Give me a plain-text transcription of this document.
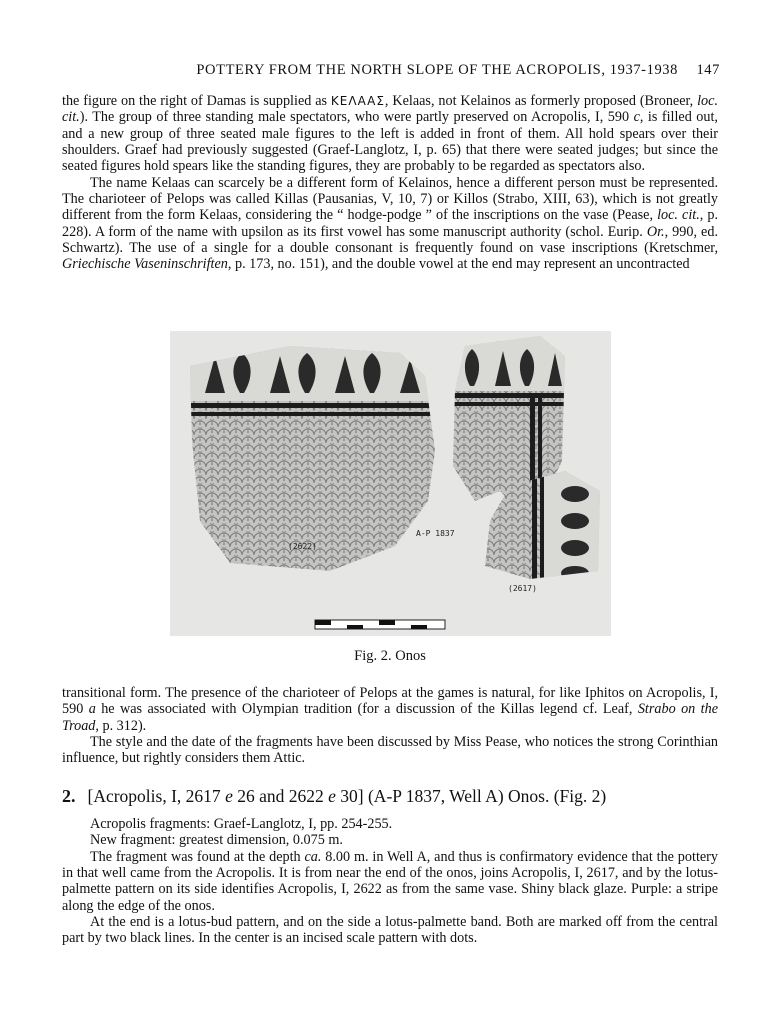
POTTERY FROM THE NORTH SLOPE OF THE ACROPOLIS, 1937-1938 147

the figure on the right of Damas is supplied as KEΛAAΣ, Kelaas, not Kelainos as formerly proposed (Broneer, loc. cit.). The group of three standing male spectators, who were partly preserved on Acropolis, I, 590 c, is filled out, and a new group of three seated male figures to the left is added in front of them. All hold spears over their shoulders. Graef had previously suggested (Graef-Langlotz, I, p. 65) that there were seated judges; but since the seated figures hold spears like the standing figures, they are probably to be regarded as spectators also.

The name Kelaas can scarcely be a different form of Kelainos, hence a different person must be represented. The charioteer of Pelops was called Killas (Pausanias, V, 10, 7) or Killos (Strabo, XIII, 63), which is not greatly different from the form Kelaas, considering the “ hodge-podge ” of the inscriptions on the vase (Pease, loc. cit., p. 228). A form of the name with upsilon as its first vowel has some manuscript authority (schol. Eurip. Or., 990, ed. Schwartz). The use of a single for a double consonant is frequently found on vase inscriptions (Kretschmer, Griechische Vaseninschriften, p. 173, no. 151), and the double vowel at the end may represent an uncontracted

(2622)
A-P 1837
(2617)
Fig. 2. Onos

transitional form. The presence of the charioteer of Pelops at the games is natural, for like Iphitos on Acropolis, I, 590 a he was associated with Olympian tradition (for a discussion of the Killas legend cf. Leaf, Strabo on the Troad, p. 312).

The style and the date of the fragments have been discussed by Miss Pease, who notices the strong Corinthian influence, but rightly considers them Attic.

2. [Acropolis, I, 2617 e 26 and 2622 e 30] (A-P 1837, Well A) Onos. (Fig. 2)

Acropolis fragments: Graef-Langlotz, I, pp. 254-255.

New fragment: greatest dimension, 0.075 m.

The fragment was found at the depth ca. 8.00 m. in Well A, and thus is confirmatory evidence that the pottery in that well came from the Acropolis. It is from near the end of the onos, joins Acropolis, I, 2617, and by the lotus-palmette pattern on its side identifies Acropolis, I, 2622 as from the same vase. Shiny black glaze. Purple: a stripe along the edge of the onos.

At the end is a lotus-bud pattern, and on the side a lotus-palmette band. Both are marked off from the central part by two black lines. In the center is an incised scale pattern with dots.
